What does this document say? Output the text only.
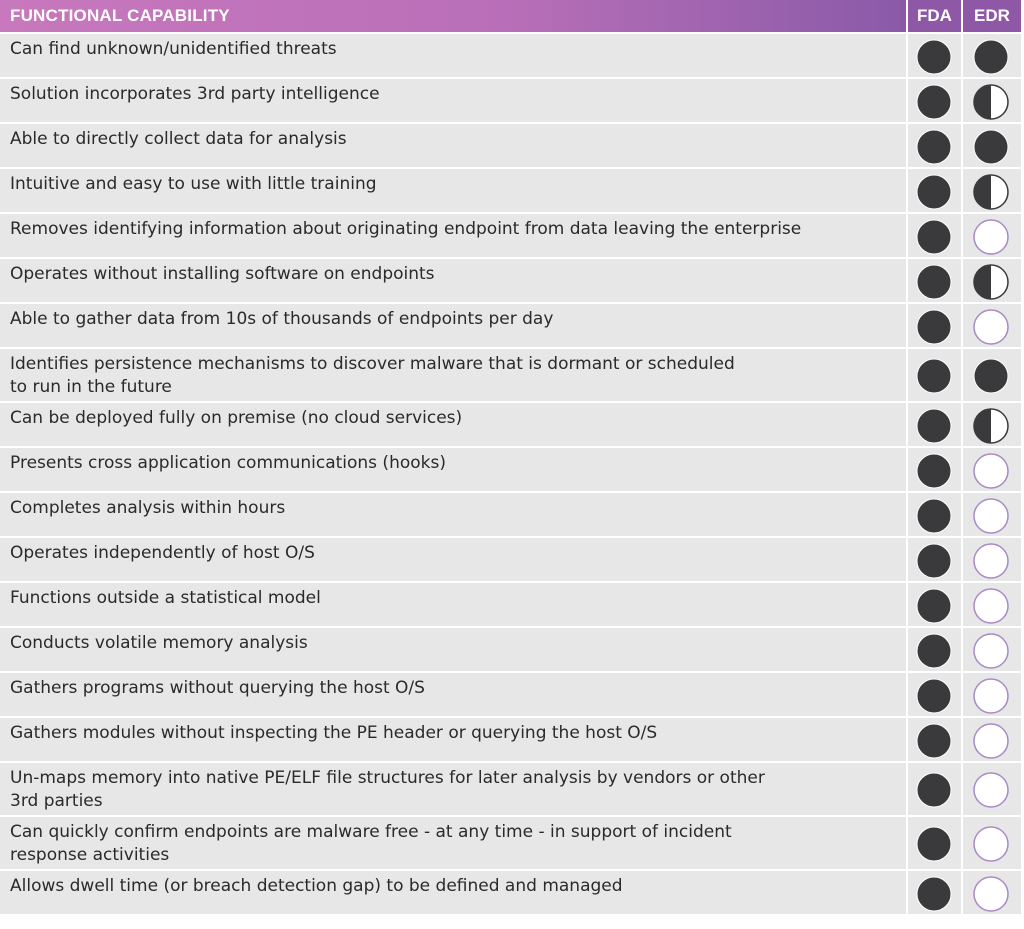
FUNCTIONAL CAPABILITY	FDA	EDR
Can find unknown/unidentified threats
Solution incorporates 3rd party intelligence
Able to directly collect data for analysis
Intuitive and easy to use with little training
Removes identifying information about originating endpoint from data leaving the enterprise
Operates without installing software on endpoints
Able to gather data from 10s of thousands of endpoints per day
Identifies persistence mechanisms to discover malware that is dormant or scheduled
to run in the future
Can be deployed fully on premise (no cloud services)
Presents cross application communications (hooks)
Completes analysis within hours
Operates independently of host O/S
Functions outside a statistical model
Conducts volatile memory analysis
Gathers programs without querying the host O/S
Gathers modules without inspecting the PE header or querying the host O/S
Un-maps memory into native PE/ELF file structures for later analysis by vendors or other
3rd parties
Can quickly confirm endpoints are malware free - at any time - in support of incident
response activities
Allows dwell time (or breach detection gap) to be defined and managed
